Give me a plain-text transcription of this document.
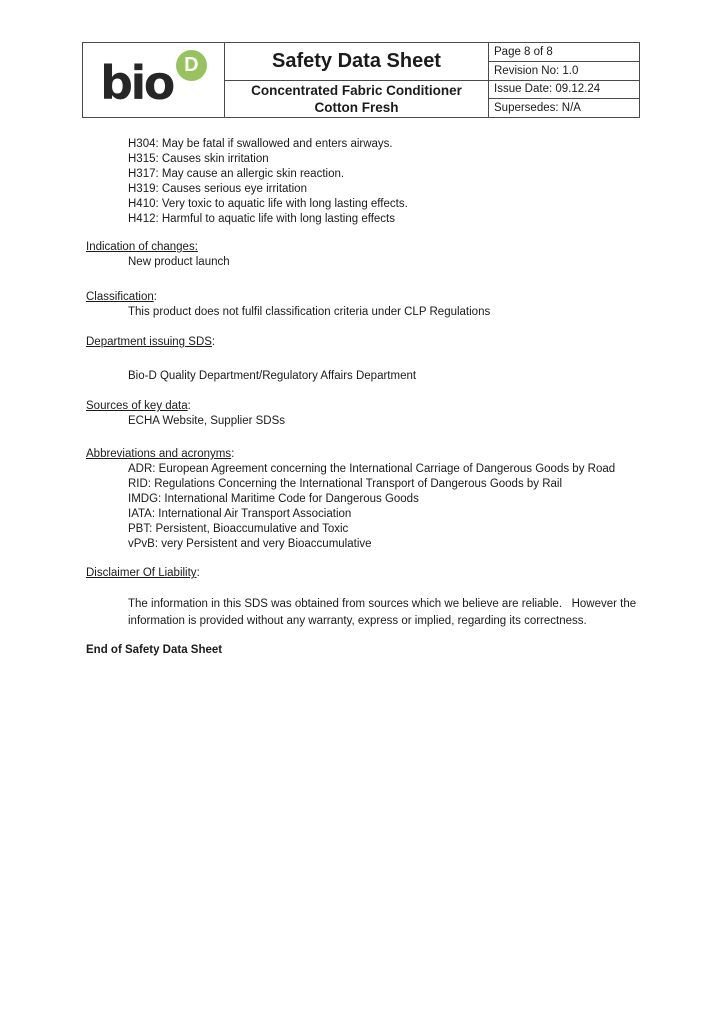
bio D	Safety Data Sheet
Concentrated Fabric Conditioner
Cotton Fresh
Page 8 of 8
Revision No: 1.0
Issue Date: 09.12.24
Supersedes: N/A
H304: May be fatal if swallowed and enters airways.
H315: Causes skin irritation
H317: May cause an allergic skin reaction.
H319: Causes serious eye irritation
H410: Very toxic to aquatic life with long lasting effects.
H412: Harmful to aquatic life with long lasting effects
Indication of changes:
New product launch
Classification:
This product does not fulfil classification criteria under CLP Regulations
Department issuing SDS:
Bio-D Quality Department/Regulatory Affairs Department
Sources of key data:
ECHA Website, Supplier SDSs
Abbreviations and acronyms:
ADR: European Agreement concerning the International Carriage of Dangerous Goods by Road
RID: Regulations Concerning the International Transport of Dangerous Goods by Rail
IMDG: International Maritime Code for Dangerous Goods
IATA: International Air Transport Association
PBT: Persistent, Bioaccumulative and Toxic
vPvB: very Persistent and very Bioaccumulative
Disclaimer Of Liability:
The information in this SDS was obtained from sources which we believe are reliable.   However the
information is provided without any warranty, express or implied, regarding its correctness.
End of Safety Data Sheet
